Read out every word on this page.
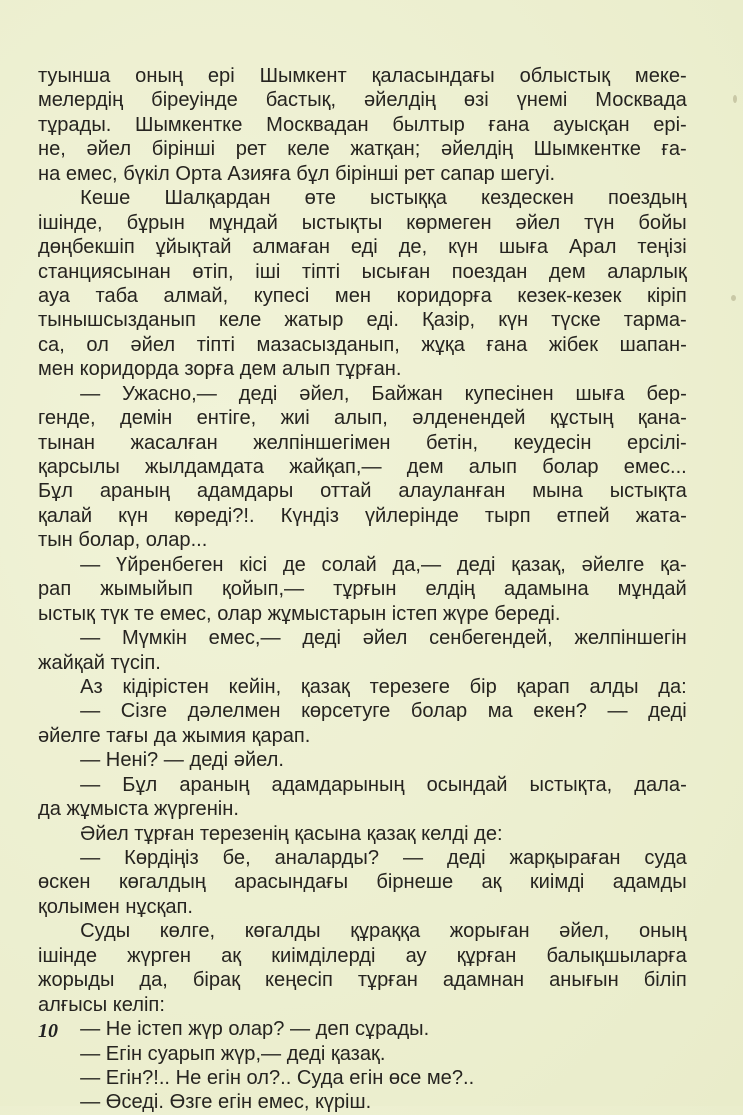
туынша оның ері Шымкент қаласындағы облыстық меке-
мелердің біреуінде бастық, әйелдің өзі үнемі Москвада
тұрады. Шымкентке Москвадан былтыр ғана ауысқан ері-
не, әйел бірінші рет келе жатқан; әйелдің Шымкентке ға-
на емес, бүкіл Орта Азияға бұл бірінші рет сапар шегуі.
Кеше Шалқардан өте ыстыққа кездескен поездың
ішінде, бұрын мұндай ыстықты көрмеген әйел түн бойы
дөңбекшіп ұйықтай алмаған еді де, күн шыға Арал теңізі
станциясынан өтіп, іші тіпті ысыған поездан дем аларлық
ауа таба алмай, купесі мен коридорға кезек-кезек кіріп
тынышсызданып келе жатыр еді. Қазір, күн түске тарма-
са, ол әйел тіпті мазасызданып, жұқа ғана жібек шапан-
мен коридорда зорға дем алып тұрған.
— Ужасно,— деді әйел, Байжан купесінен шыға бер-
генде, демін ентіге, жиі алып, әлденендей құстың қана-
тынан жасалған желпіншегімен бетін, кеудесін ерсілі-
қарсылы жылдамдата жайқап,— дем алып болар емес...
Бұл араның адамдары оттай алауланған мына ыстықта
қалай күн көреді?!. Күндіз үйлерінде тырп етпей жата-
тын болар, олар...
— Үйренбеген кісі де солай да,— деді қазақ, әйелге қа-
рап жымыйып қойып,— тұрғын елдің адамына мұндай
ыстық түк те емес, олар жұмыстарын істеп жүре береді.
— Мүмкін емес,— деді әйел сенбегендей, желпіншегін
жайқай түсіп.
Аз кідірістен кейін, қазақ терезеге бір қарап алды да:
— Сізге дәлелмен көрсетуге болар ма екен? — деді
әйелге тағы да жымия қарап.
— Нені? — деді әйел.
— Бұл араның адамдарының осындай ыстықта, дала-
да жұмыста жүргенін.
Әйел тұрған терезенің қасына қазақ келді де:
— Көрдіңіз бе, аналарды? — деді жарқыраған суда
өскен көгалдың арасындағы бірнеше ақ киімді адамды
қолымен нұсқап.
Суды көлге, көгалды құраққа жорыған әйел, оның
ішінде жүрген ақ киімділерді ау құрған балықшыларға
жорыды да, бірақ кеңесіп тұрған адамнан анығын біліп
алғысы келіп:
— Не істеп жүр олар? — деп сұрады.
— Егін суарып жүр,— деді қазақ.
— Егін?!.. Не егін ол?.. Суда егін өсе ме?..
— Өседі. Өзге егін емес, күріш.
10
